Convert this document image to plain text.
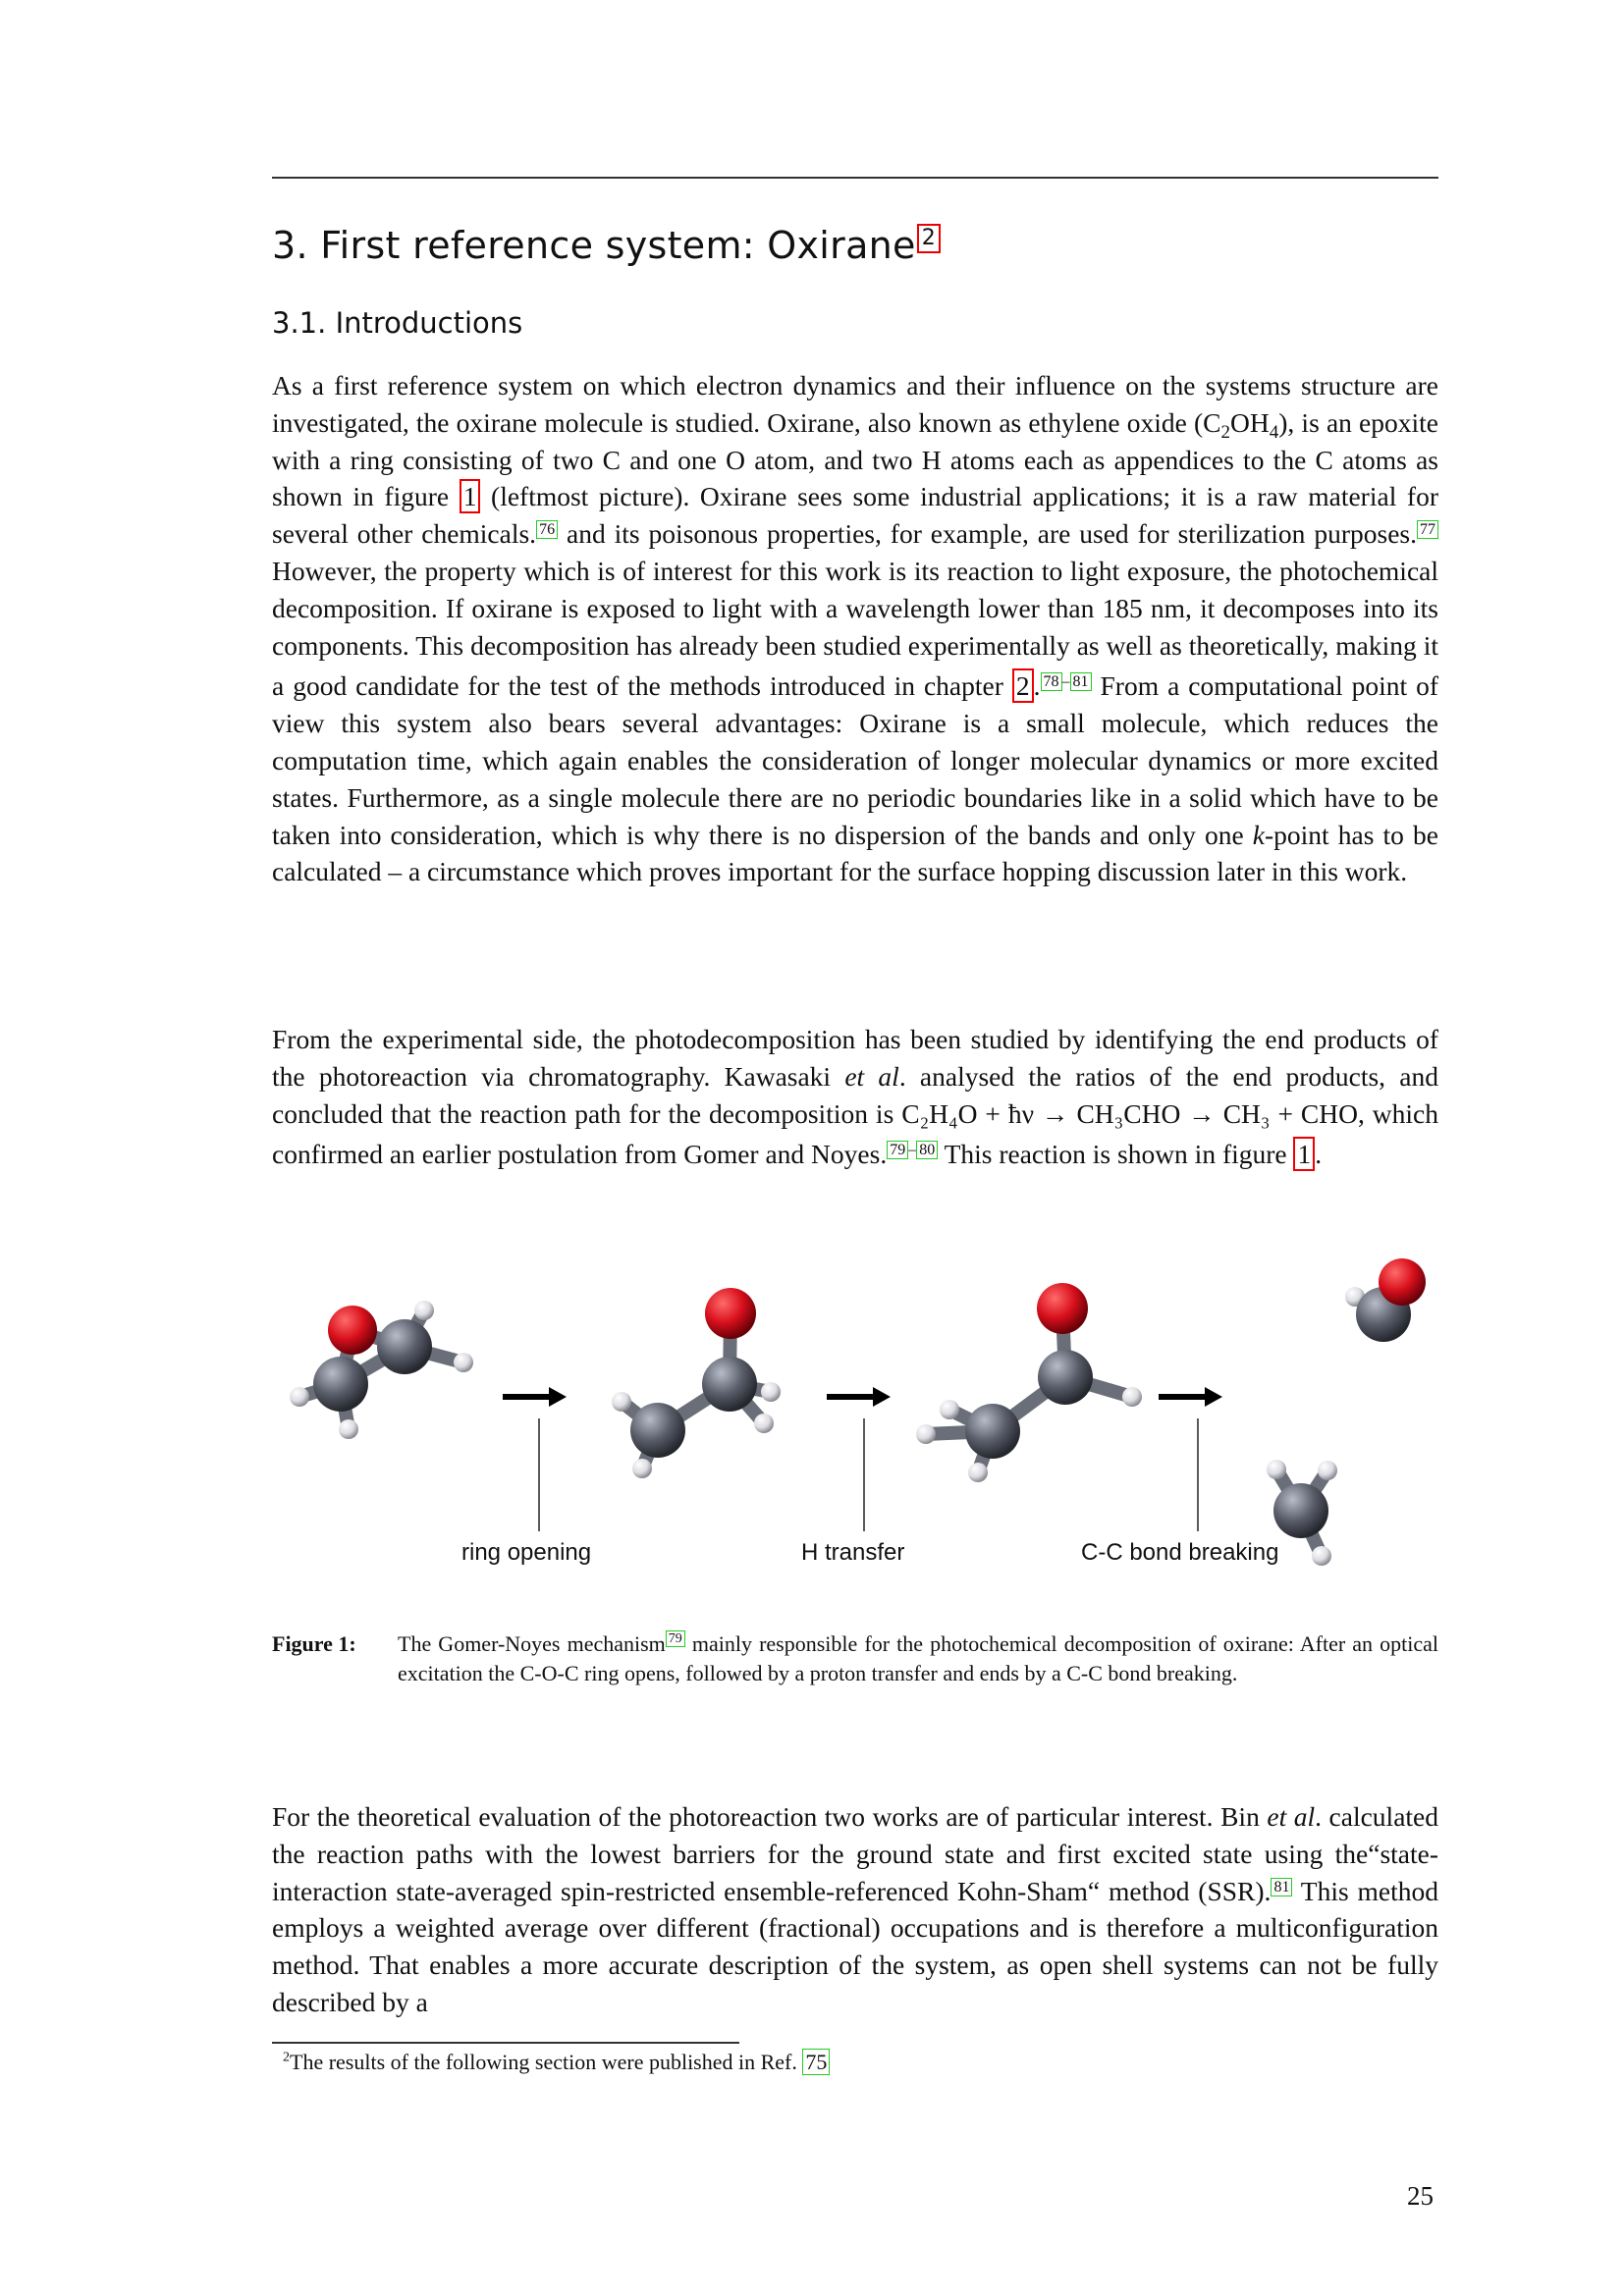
3. First reference system: Oxirane 2
3.1. Introductions
As a first reference system on which electron dynamics and their influence on the systems structure are investigated, the oxirane molecule is studied. Oxirane, also known as ethylene oxide $(C_2OH_4)$, is an epoxite with a ring consisting of two C and one O atom, and two H atoms each as appendices to the C atoms as shown in figure 1 (leftmost picture). Oxirane sees some industrial applications; it is a raw material for several other chemicals. $^{76}$ and its poisonous properties, for example, are used for sterilization purposes. $^{77}$ However, the property which is of interest for this work is its reaction to light exposure, the photochemical decomposition. If oxirane is exposed to light with a wavelength lower than 185 nm, it decomposes into its components. This decomposition has already been studied experimentally as well as theoretically, making it a good candidate for the test of the methods introduced in chapter 2 . $^{78}$ – $^{81}$ From a computational point of view this system also bears several advantages: Oxirane is a small molecule, which reduces the computation time, which again enables the consideration of longer molecular dynamics or more excited states. Furthermore, as a single molecule there are no periodic boundaries like in a solid which have to be taken into consideration, which is why there is no dispersion of the bands and only one k-point has to be calculated – a circumstance which proves important for the surface hopping discussion later in this work.
From the experimental side, the photodecomposition has been studied by identifying the end products of the photoreaction via chromatography. Kawasaki et al. analysed the ratios of the end products, and concluded that the reaction path for the decomposition is C₂H₄O + ħν → CH₃CHO → CH₃ + CHO, which confirmed an earlier postulation from Gomer and Noyes. $^{79}$ – $^{80}$ This reaction is shown in figure 1 .
ring opening	H transfer	C-C bond breaking
Figure 1: The Gomer-Noyes mechanism $^{79}$ mainly responsible for the photochemical decomposition of oxirane: After an optical excitation the C-O-C ring opens, followed by a proton transfer and ends by a C-C bond breaking.
For the theoretical evaluation of the photoreaction two works are of particular interest. Bin et al. calculated the reaction paths with the lowest barriers for the ground state and first excited state using the“state-interaction state-averaged spin-restricted ensemble-referenced Kohn-Sham“ method (SSR). $^{81}$ This method employs a weighted average over different (fractional) occupations and is therefore a multiconfiguration method. That enables a more accurate description of the system, as open shell systems can not be fully described by a
$^2$The results of the following section were published in Ref. 75
25
